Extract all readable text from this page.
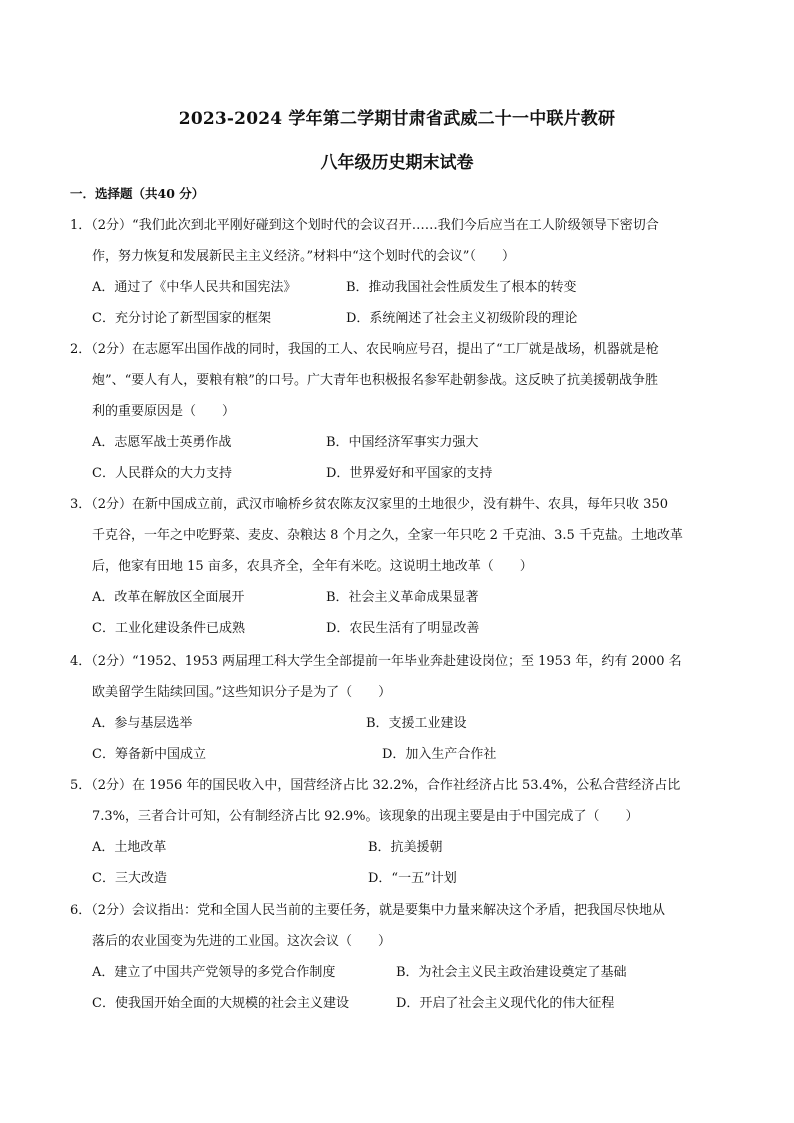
2023-2024 学年第二学期甘肃省武威二十一中联片教研
八年级历史期末试卷
一．选择题（共40 分）
1．（2分）“我们此次到北平刚好碰到这个划时代的会议召开……我们今后应当在工人阶级领导下密切合
作，努力恢复和发展新民主主义经济。”材料中“这个划时代的会议”（　　）
A．通过了《中华人民共和国宪法》	B．推动我国社会性质发生了根本的转变
C．充分讨论了新型国家的框架	D．系统阐述了社会主义初级阶段的理论
2．（2分）在志愿军出国作战的同时，我国的工人、农民响应号召，提出了“工厂就是战场，机器就是枪
炮”、“要人有人，要粮有粮”的口号。广大青年也积极报名参军赴朝参战。这反映了抗美援朝战争胜
利的重要原因是（　　）
A．志愿军战士英勇作战	B．中国经济军事实力强大
C．人民群众的大力支持	D．世界爱好和平国家的支持
3．（2分）在新中国成立前，武汉市喻桥乡贫农陈友汉家里的土地很少，没有耕牛、农具，每年只收 350
千克谷，一年之中吃野菜、麦皮、杂粮达 8 个月之久，全家一年只吃 2 千克油、3.5 千克盐。土地改革
后，他家有田地 15 亩多，农具齐全，全年有米吃。这说明土地改革（　　）
A．改革在解放区全面展开	B．社会主义革命成果显著
C．工业化建设条件已成熟	D．农民生活有了明显改善
4．（2分）“1952、1953 两届理工科大学生全部提前一年毕业奔赴建设岗位；至 1953 年，约有 2000 名
欧美留学生陆续回国。”这些知识分子是为了（　　）
A．参与基层选举	B．支援工业建设
C．筹备新中国成立	D．加入生产合作社
5．（2分）在 1956 年的国民收入中，国营经济占比 32.2%，合作社经济占比 53.4%，公私合营经济占比
7.3%，三者合计可知，公有制经济占比 92.9%。该现象的出现主要是由于中国完成了（　　）
A．土地改革	B．抗美援朝
C．三大改造	D．“一五”计划
6．（2分）会议指出：党和全国人民当前的主要任务，就是要集中力量来解决这个矛盾，把我国尽快地从
落后的农业国变为先进的工业国。这次会议（　　）
A．建立了中国共产党领导的多党合作制度	B．为社会主义民主政治建设奠定了基础
C．使我国开始全面的大规模的社会主义建设	D．开启了社会主义现代化的伟大征程
